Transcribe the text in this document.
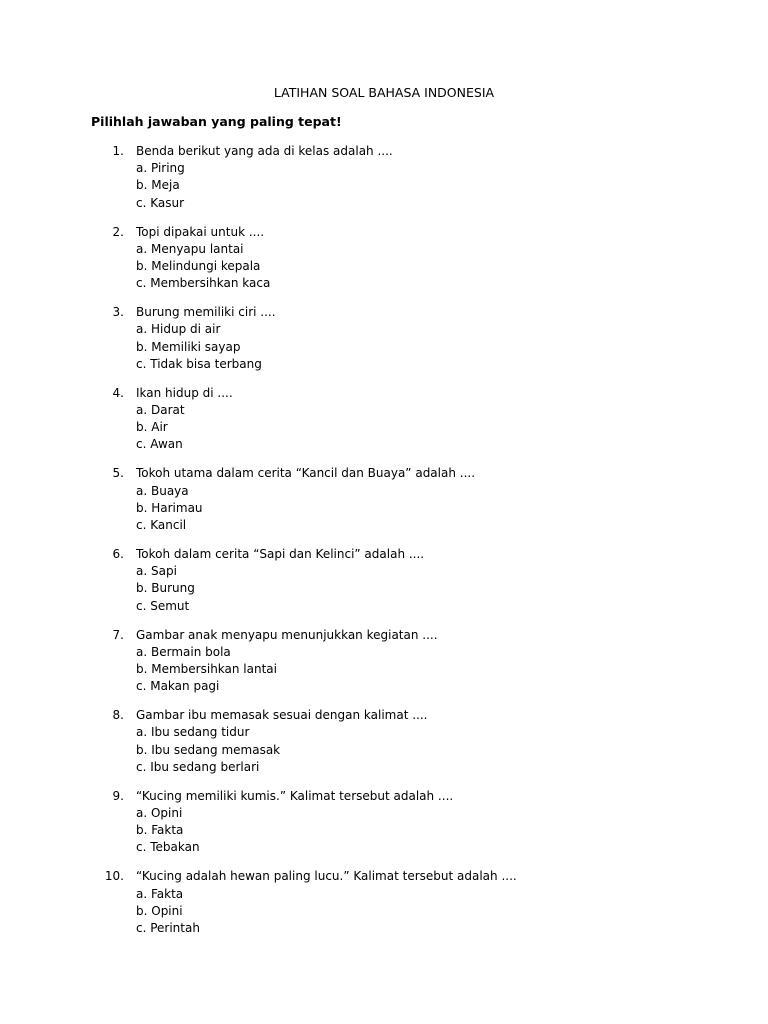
LATIHAN SOAL BAHASA INDONESIA
Pilihlah jawaban yang paling tepat!
1. Benda berikut yang ada di kelas adalah ....
a. Piring
b. Meja
c. Kasur
2. Topi dipakai untuk ....
a. Menyapu lantai
b. Melindungi kepala
c. Membersihkan kaca
3. Burung memiliki ciri ....
a. Hidup di air
b. Memiliki sayap
c. Tidak bisa terbang
4. Ikan hidup di ....
a. Darat
b. Air
c. Awan
5. Tokoh utama dalam cerita “Kancil dan Buaya” adalah ....
a. Buaya
b. Harimau
c. Kancil
6. Tokoh dalam cerita “Sapi dan Kelinci” adalah ....
a. Sapi
b. Burung
c. Semut
7. Gambar anak menyapu menunjukkan kegiatan ....
a. Bermain bola
b. Membersihkan lantai
c. Makan pagi
8. Gambar ibu memasak sesuai dengan kalimat ....
a. Ibu sedang tidur
b. Ibu sedang memasak
c. Ibu sedang berlari
9. “Kucing memiliki kumis.” Kalimat tersebut adalah ....
a. Opini
b. Fakta
c. Tebakan
10. “Kucing adalah hewan paling lucu.” Kalimat tersebut adalah ....
a. Fakta
b. Opini
c. Perintah
